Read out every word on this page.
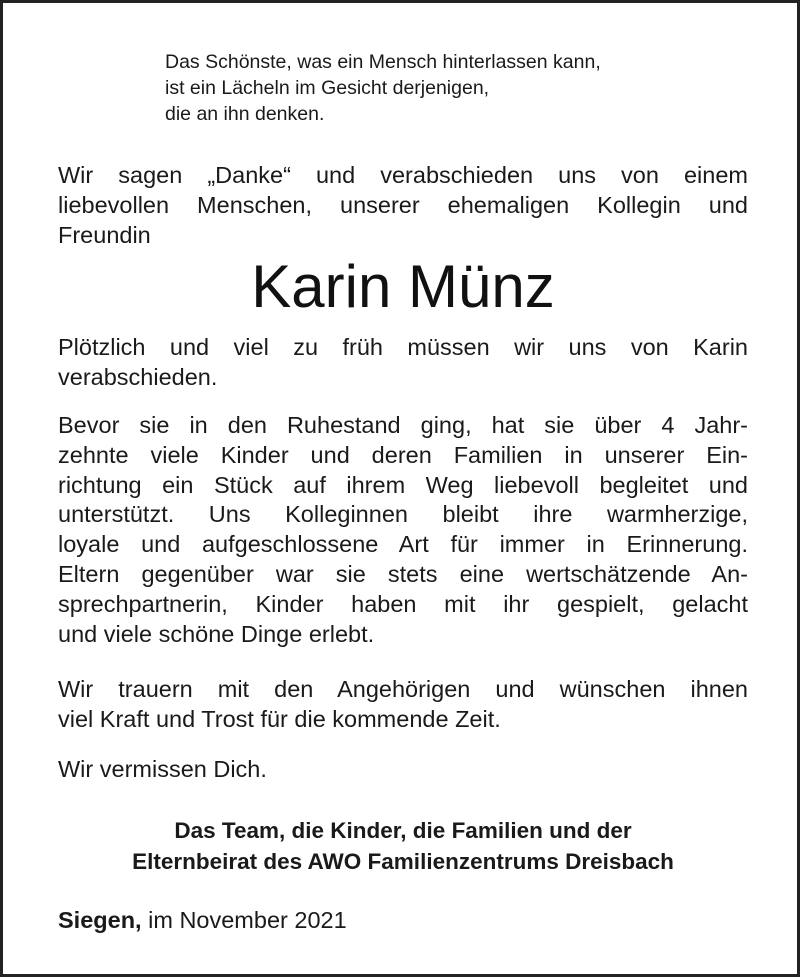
Das Schönste, was ein Mensch hinterlassen kann,
ist ein Lächeln im Gesicht derjenigen,
die an ihn denken.
Wir sagen „Danke“ und verabschieden uns von einem
liebevollen Menschen, unserer ehemaligen Kollegin und
Freundin
Karin Münz
Plötzlich und viel zu früh müssen wir uns von Karin
verabschieden.
Bevor sie in den Ruhestand ging, hat sie über 4 Jahr-
zehnte viele Kinder und deren Familien in unserer Ein-
richtung ein Stück auf ihrem Weg liebevoll begleitet und
unterstützt. Uns Kolleginnen bleibt ihre warmherzige,
loyale und aufgeschlossene Art für immer in Erinnerung.
Eltern gegenüber war sie stets eine wertschätzende An-
sprechpartnerin, Kinder haben mit ihr gespielt, gelacht
und viele schöne Dinge erlebt.
Wir trauern mit den Angehörigen und wünschen ihnen
viel Kraft und Trost für die kommende Zeit.
Wir vermissen Dich.
Das Team, die Kinder, die Familien und der
Elternbeirat des AWO Familienzentrums Dreisbach
Siegen, im November 2021
